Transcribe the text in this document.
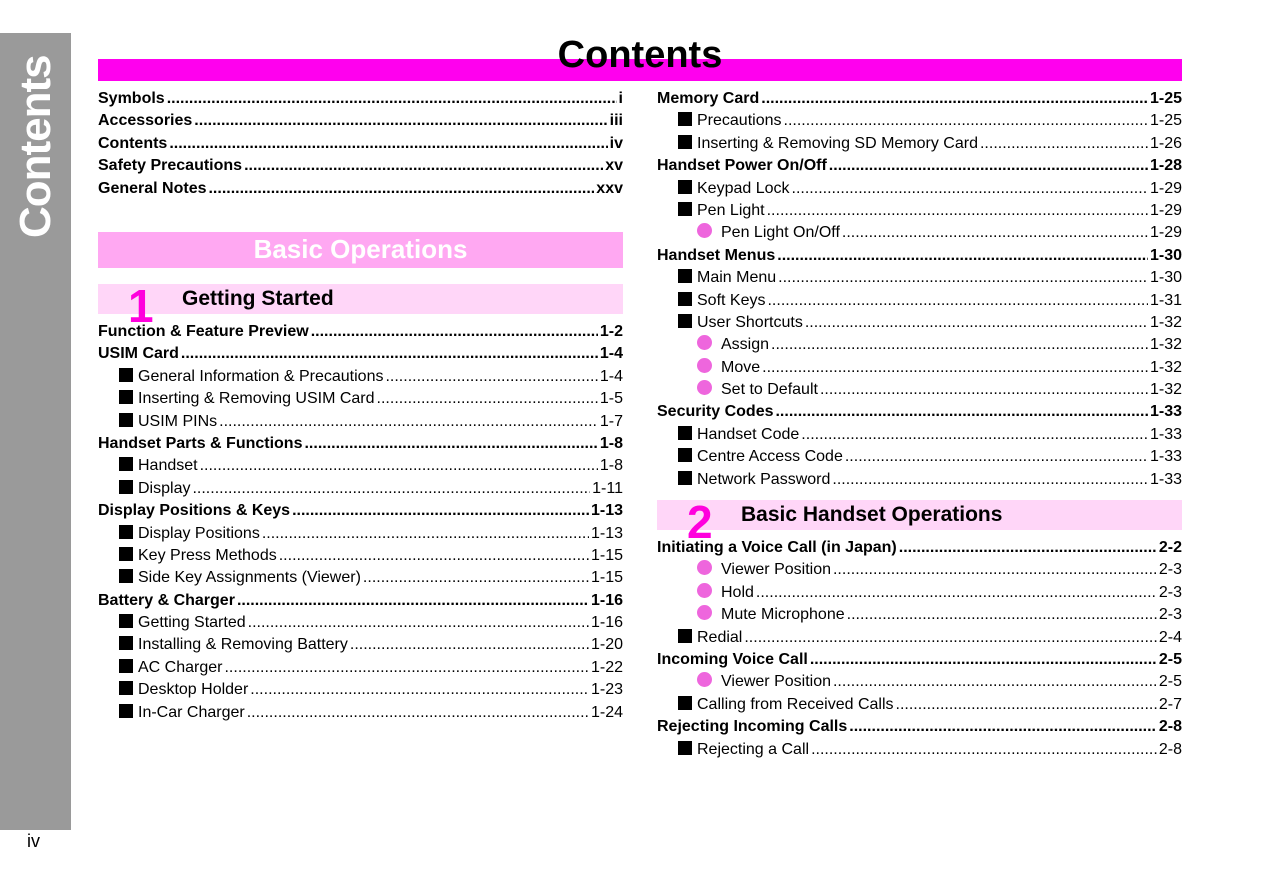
Contents
iv
Contents
Symbols .....	i
Accessories .....	iii
Contents .....	iv
Safety Precautions .....	xv
General Notes .....	xxv
Basic Operations
1 Getting Started
Function & Feature Preview .....	1-2
USIM Card .....	1-4
General Information & Precautions .....	1-4
Inserting & Removing USIM Card .....	1-5
USIM PINs .....	1-7
Handset Parts & Functions .....	1-8
Handset .....	1-8
Display .....	1-11
Display Positions & Keys .....	1-13
Display Positions .....	1-13
Key Press Methods .....	1-15
Side Key Assignments (Viewer) .....	1-15
Battery & Charger .....	1-16
Getting Started .....	1-16
Installing & Removing Battery .....	1-20
AC Charger .....	1-22
Desktop Holder .....	1-23
In-Car Charger .....	1-24
Memory Card .....	1-25
Precautions .....	1-25
Inserting & Removing SD Memory Card .....	1-26
Handset Power On/Off .....	1-28
Keypad Lock .....	1-29
Pen Light .....	1-29
Pen Light On/Off .....	1-29
Handset Menus .....	1-30
Main Menu .....	1-30
Soft Keys .....	1-31
User Shortcuts .....	1-32
Assign .....	1-32
Move .....	1-32
Set to Default .....	1-32
Security Codes .....	1-33
Handset Code .....	1-33
Centre Access Code .....	1-33
Network Password .....	1-33
2 Basic Handset Operations
Initiating a Voice Call (in Japan) .....	2-2
Viewer Position .....	2-3
Hold .....	2-3
Mute Microphone .....	2-3
Redial .....	2-4
Incoming Voice Call .....	2-5
Viewer Position .....	2-5
Calling from Received Calls .....	2-7
Rejecting Incoming Calls .....	2-8
Rejecting a Call .....	2-8
